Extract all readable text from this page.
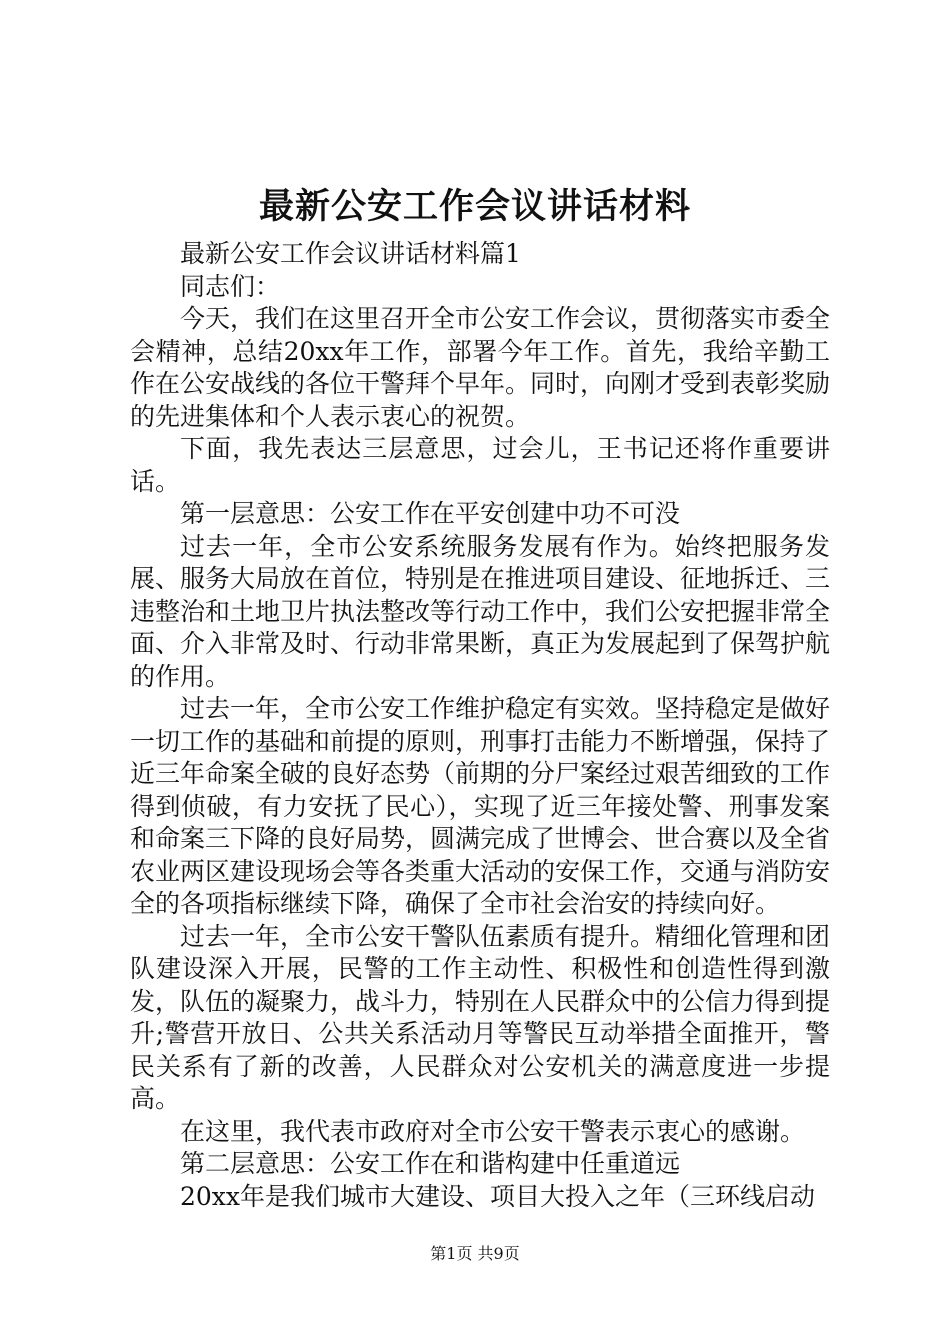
最新公安工作会议讲话材料

最新公安工作会议讲话材料篇1

同志们：

今天，我们在这里召开全市公安工作会议，贯彻落实市委全会精神，总结20xx年工作，部署今年工作。首先，我给辛勤工作在公安战线的各位干警拜个早年。同时，向刚才受到表彰奖励的先进集体和个人表示衷心的祝贺。

下面，我先表达三层意思，过会儿，王书记还将作重要讲话。

第一层意思：公安工作在平安创建中功不可没

过去一年，全市公安系统服务发展有作为。始终把服务发展、服务大局放在首位，特别是在推进项目建设、征地拆迁、三违整治和土地卫片执法整改等行动工作中，我们公安把握非常全面、介入非常及时、行动非常果断，真正为发展起到了保驾护航的作用。

过去一年，全市公安工作维护稳定有实效。坚持稳定是做好一切工作的基础和前提的原则，刑事打击能力不断增强，保持了近三年命案全破的良好态势（前期的分尸案经过艰苦细致的工作得到侦破，有力安抚了民心），实现了近三年接处警、刑事发案和命案三下降的良好局势，圆满完成了世博会、世合赛以及全省农业两区建设现场会等各类重大活动的安保工作，交通与消防安全的各项指标继续下降，确保了全市社会治安的持续向好。

过去一年，全市公安干警队伍素质有提升。精细化管理和团队建设深入开展，民警的工作主动性、积极性和创造性得到激发，队伍的凝聚力，战斗力，特别在人民群众中的公信力得到提升;警营开放日、公共关系活动月等警民互动举措全面推开，警民关系有了新的改善，人民群众对公安机关的满意度进一步提高。

在这里，我代表市政府对全市公安干警表示衷心的感谢。

第二层意思：公安工作在和谐构建中任重道远

20xx年是我们城市大建设、项目大投入之年（三环线启动

第1页 共9页
